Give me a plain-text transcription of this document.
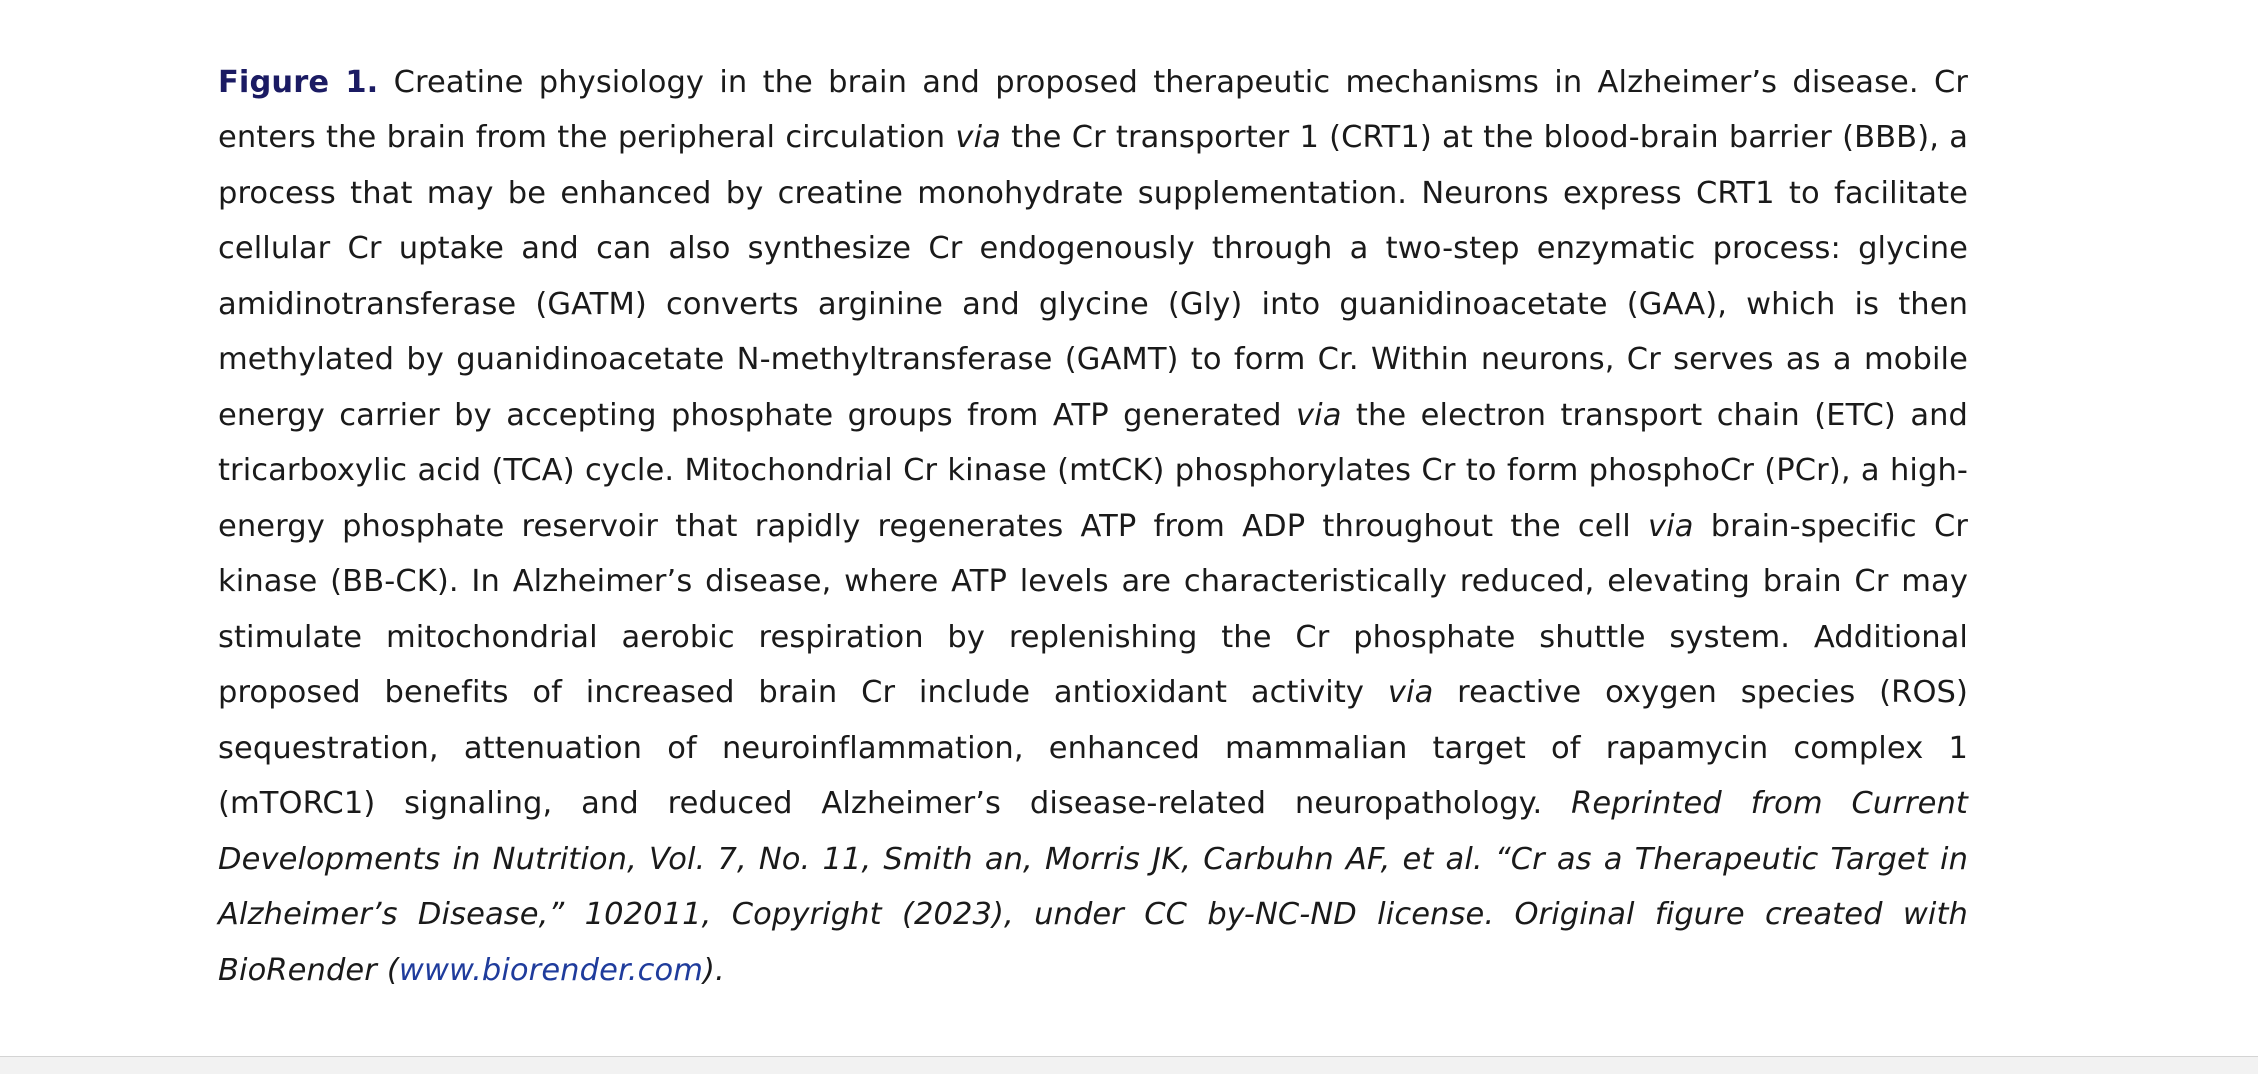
Figure 1. Creatine physiology in the brain and proposed therapeutic mechanisms in Alzheimer’s disease. Cr enters the brain from the peripheral circulation via the Cr transporter 1 (CRT1) at the blood-brain barrier (BBB), a process that may be enhanced by creatine monohydrate supplementation. Neurons express CRT1 to facilitate cellular Cr uptake and can also synthesize Cr endogenously through a two-step enzymatic process: glycine amidinotransferase (GATM) converts arginine and glycine (Gly) into guanidinoacetate (GAA), which is then methylated by guanidinoacetate N-methyltransferase (GAMT) to form Cr. Within neurons, Cr serves as a mobile energy carrier by accepting phosphate groups from ATP generated via the electron transport chain (ETC) and tricarboxylic acid (TCA) cycle. Mitochondrial Cr kinase (mtCK) phosphorylates Cr to form phosphoCr (PCr), a high-energy phosphate reservoir that rapidly regenerates ATP from ADP throughout the cell via brain-specific Cr kinase (BB-CK). In Alzheimer’s disease, where ATP levels are characteristically reduced, elevating brain Cr may stimulate mitochondrial aerobic respiration by replenishing the Cr phosphate shuttle system. Additional proposed benefits of increased brain Cr include antioxidant activity via reactive oxygen species (ROS) sequestration, attenuation of neuroinflammation, enhanced mammalian target of rapamycin complex 1 (mTORC1) signaling, and reduced Alzheimer’s disease-related neuropathology. Reprinted from Current Developments in Nutrition, Vol. 7, No. 11, Smith an, Morris JK, Carbuhn AF, et al. “Cr as a Therapeutic Target in Alzheimer’s Disease,” 102011, Copyright (2023), under CC by-NC-ND license. Original figure created with BioRender (www.biorender.com).
